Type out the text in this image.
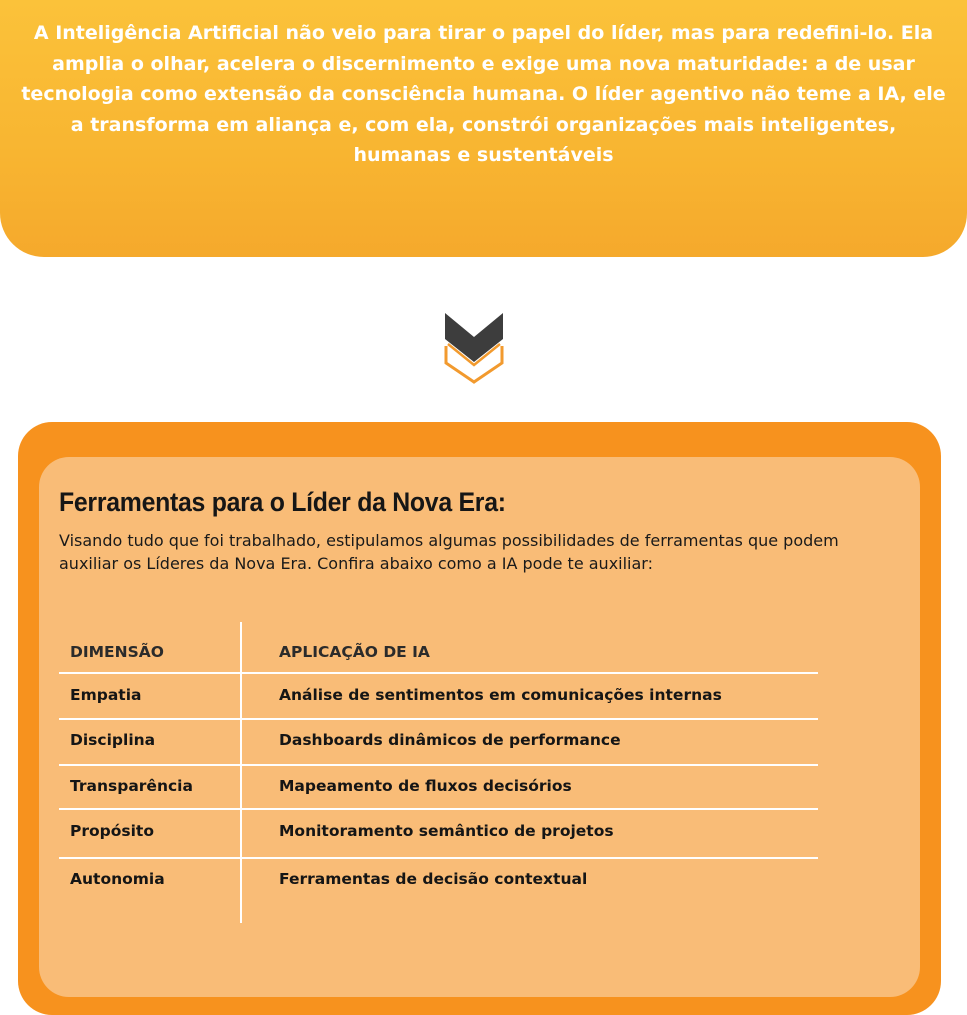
A Inteligência Artificial não veio para tirar o papel do líder, mas para redefini-lo. Ela amplia o olhar, acelera o discernimento e exige uma nova maturidade: a de usar tecnologia como extensão da consciência humana. O líder agentivo não teme a IA, ele a transforma em aliança e, com ela, constrói organizações mais inteligentes, humanas e sustentáveis

Ferramentas para o Líder da Nova Era:

Visando tudo que foi trabalhado, estipulamos algumas possibilidades de ferramentas que podem auxiliar os Líderes da Nova Era. Confira abaixo como a IA pode te auxiliar:

DIMENSÃO	APLICAÇÃO DE IA
Empatia	Análise de sentimentos em comunicações internas
Disciplina	Dashboards dinâmicos de performance
Transparência	Mapeamento de fluxos decisórios
Propósito	Monitoramento semântico de projetos
Autonomia	Ferramentas de decisão contextual
